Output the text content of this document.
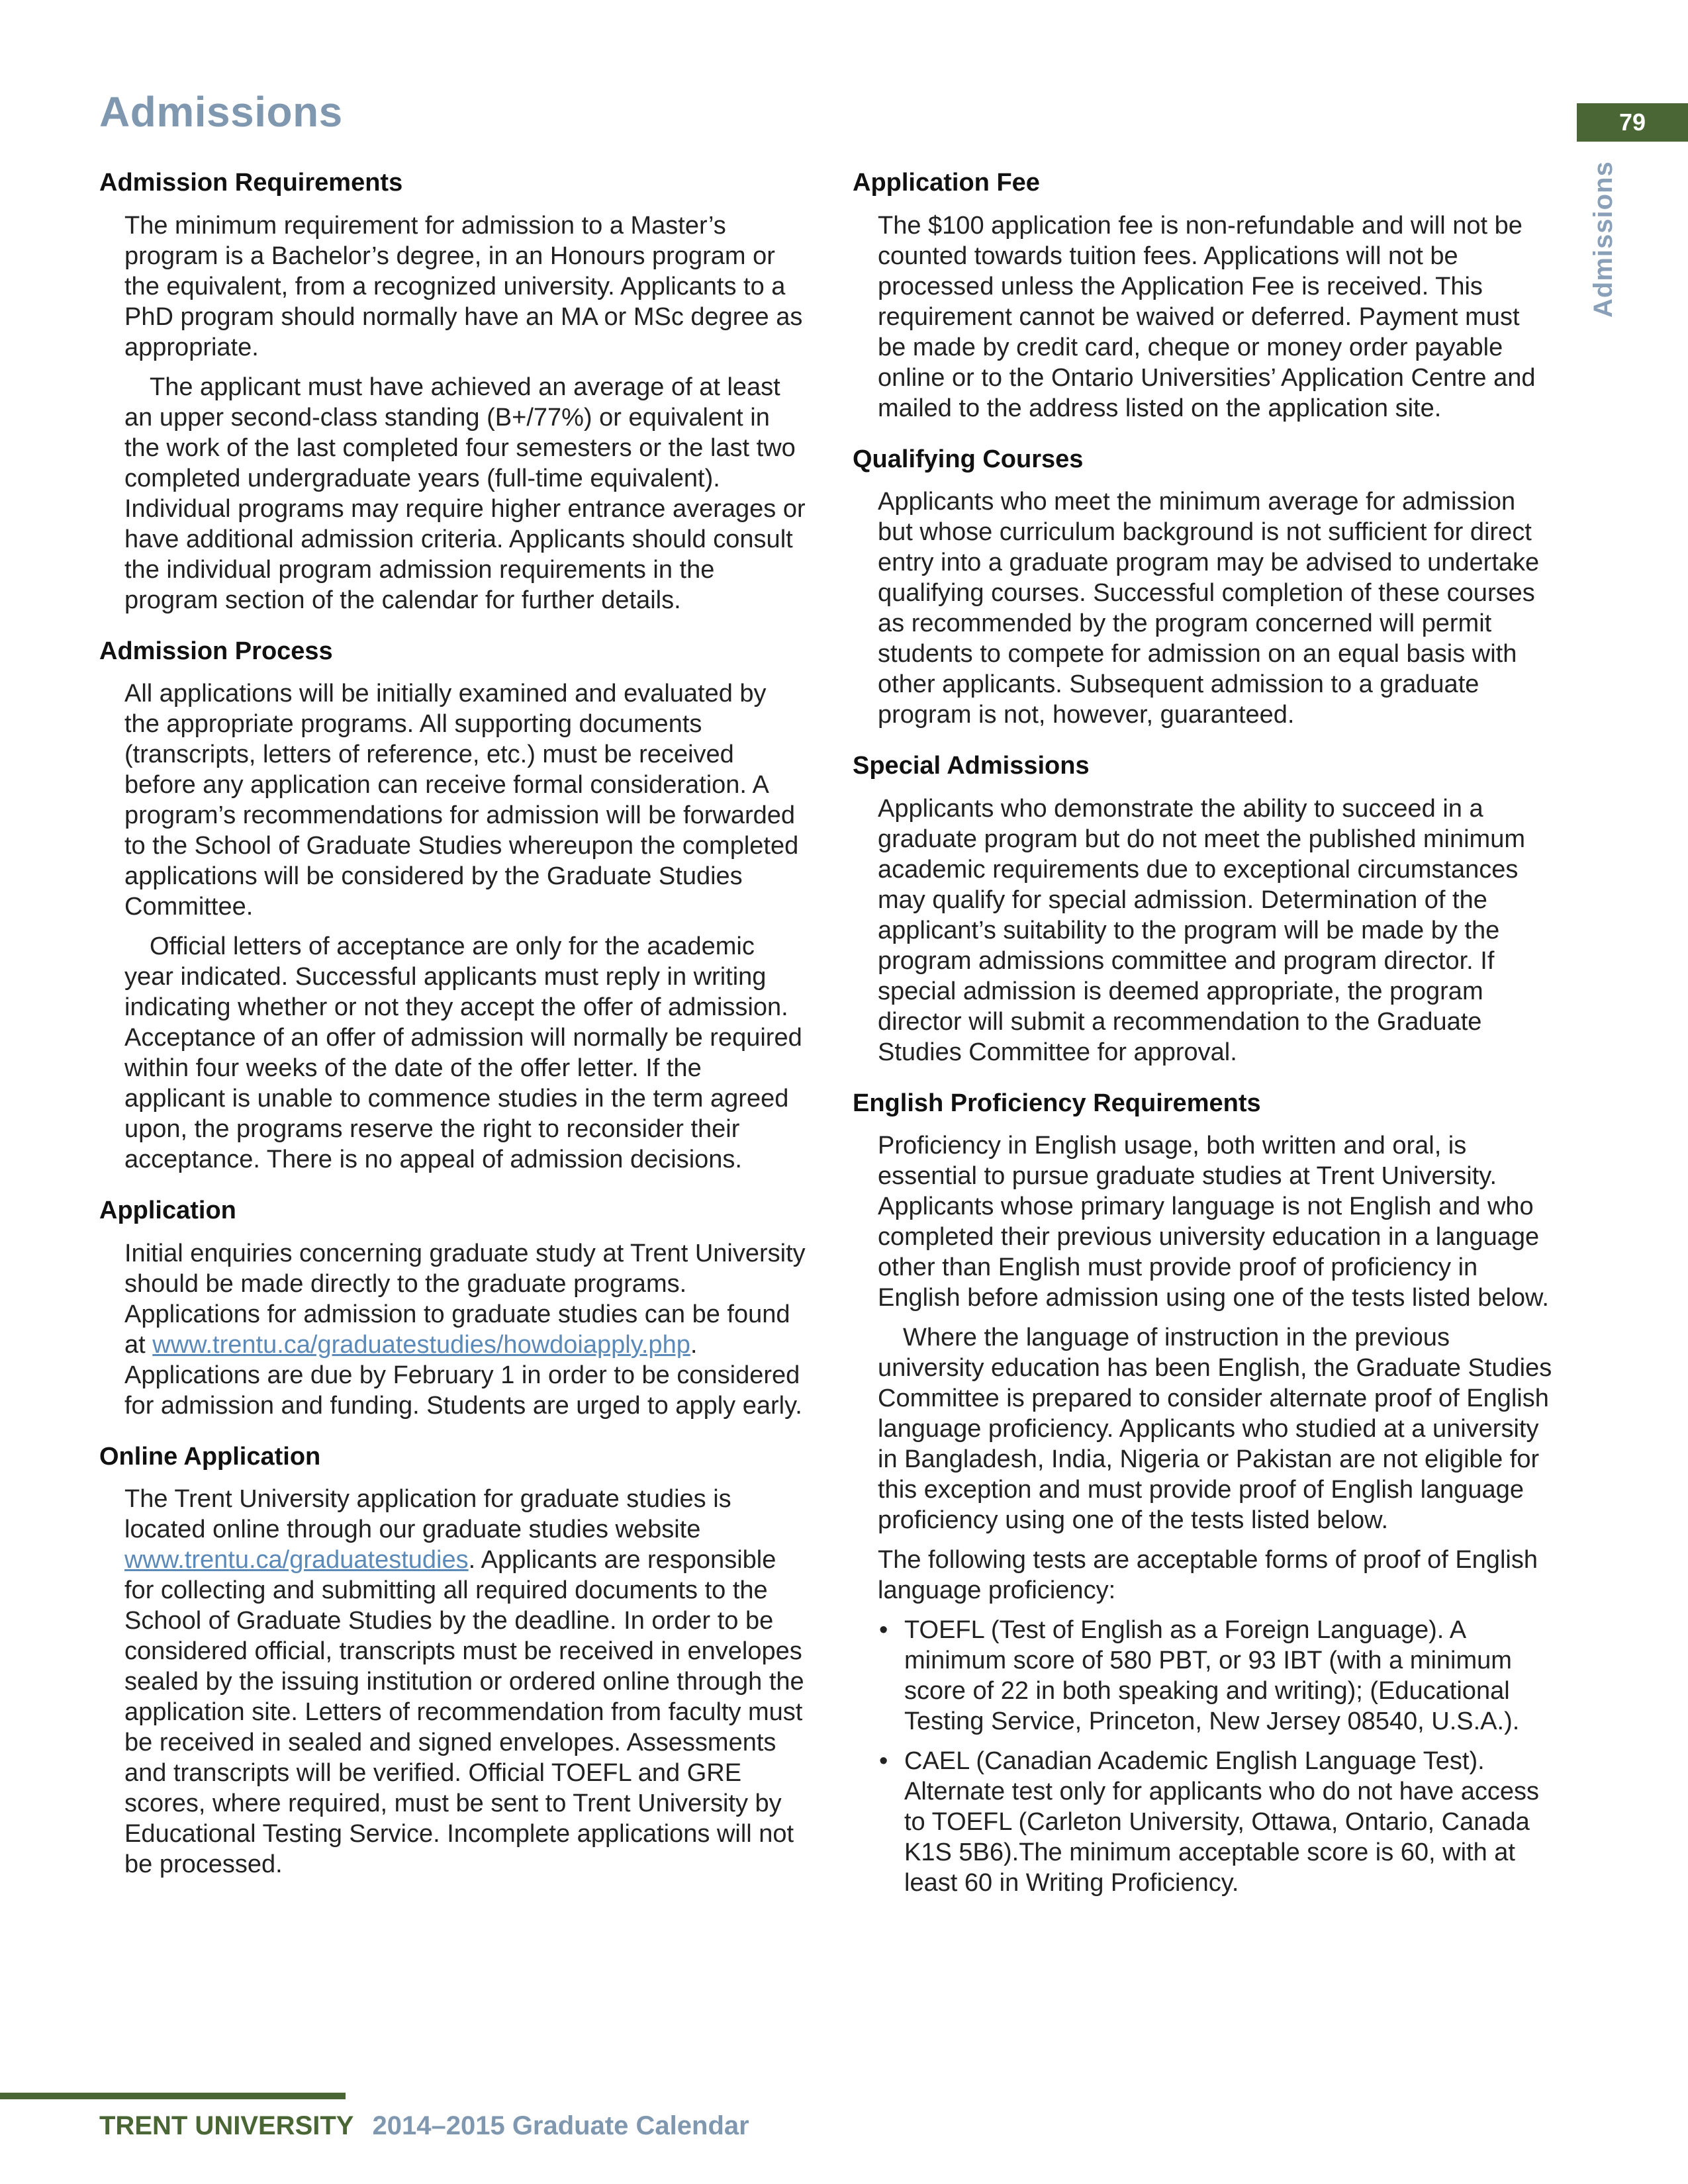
Admissions	79
Admissions
Admission Requirements

The minimum requirement for admission to a Master’s program is a Bachelor’s degree, in an Honours program or the equivalent, from a recognized university. Applicants to a PhD program should normally have an MA or MSc degree as appropriate.

The applicant must have achieved an average of at least an upper second-class standing (B+/77%) or equivalent in the work of the last completed four semesters or the last two completed undergraduate years (full-time equivalent). Individual programs may require higher entrance averages or have additional admission criteria. Applicants should consult the individual program admission requirements in the program section of the calendar for further details.

Admission Process

All applications will be initially examined and evaluated by the appropriate programs. All supporting documents (transcripts, letters of reference, etc.) must be received before any application can receive formal consideration. A program’s recommendations for admission will be forwarded to the School of Graduate Studies whereupon the completed applications will be considered by the Graduate Studies Committee.

Official letters of acceptance are only for the academic year indicated. Successful applicants must reply in writing indicating whether or not they accept the offer of admission. Acceptance of an offer of admission will normally be required within four weeks of the date of the offer letter. If the applicant is unable to commence studies in the term agreed upon, the programs reserve the right to reconsider their acceptance. There is no appeal of admission decisions.

Application

Initial enquiries concerning graduate study at Trent University should be made directly to the graduate programs. Applications for admission to graduate studies can be found at www.trentu.ca/graduatestudies/howdoiapply.php. Applications are due by February 1 in order to be considered for admission and funding. Students are urged to apply early.

Online Application

The Trent University application for graduate studies is located online through our graduate studies website www.trentu.ca/graduatestudies. Applicants are responsible for collecting and submitting all required documents to the School of Graduate Studies by the deadline. In order to be considered official, transcripts must be received in envelopes sealed by the issuing institution or ordered online through the application site. Letters of recommendation from faculty must be received in sealed and signed envelopes. Assessments and transcripts will be verified. Official TOEFL and GRE scores, where required, must be sent to Trent University by Educational Testing Service. Incomplete applications will not be processed.

Application Fee

The $100 application fee is non-refundable and will not be counted towards tuition fees. Applications will not be processed unless the Application Fee is received. This requirement cannot be waived or deferred. Payment must be made by credit card, cheque or money order payable online or to the Ontario Universities’ Application Centre and mailed to the address listed on the application site.

Qualifying Courses

Applicants who meet the minimum average for admission but whose curriculum background is not sufficient for direct entry into a graduate program may be advised to undertake qualifying courses. Successful completion of these courses as recommended by the program concerned will permit students to compete for admission on an equal basis with other applicants. Subsequent admission to a graduate program is not, however, guaranteed.

Special Admissions

Applicants who demonstrate the ability to succeed in a graduate program but do not meet the published minimum academic requirements due to exceptional circumstances may qualify for special admission. Determination of the applicant’s suitability to the program will be made by the program admissions committee and program director. If special admission is deemed appropriate, the program director will submit a recommendation to the Graduate Studies Committee for approval.

English Proficiency Requirements

Proficiency in English usage, both written and oral, is essential to pursue graduate studies at Trent University. Applicants whose primary language is not English and who completed their previous university education in a language other than English must provide proof of proficiency in English before admission using one of the tests listed below.

Where the language of instruction in the previous university education has been English, the Graduate Studies Committee is prepared to consider alternate proof of English language proficiency. Applicants who studied at a university in Bangladesh, India, Nigeria or Pakistan are not eligible for this exception and must provide proof of English language proficiency using one of the tests listed below.

The following tests are acceptable forms of proof of English language proficiency:

• TOEFL (Test of English as a Foreign Language). A minimum score of 580 PBT, or 93 IBT (with a minimum score of 22 in both speaking and writing); (Educational Testing Service, Princeton, New Jersey 08540, U.S.A.).
• CAEL (Canadian Academic English Language Test). Alternate test only for applicants who do not have access to TOEFL (Carleton University, Ottawa, Ontario, Canada K1S 5B6).The minimum acceptable score is 60, with at least 60 in Writing Proficiency.
TRENT UNIVERSITY 2014–2015 Graduate Calendar
